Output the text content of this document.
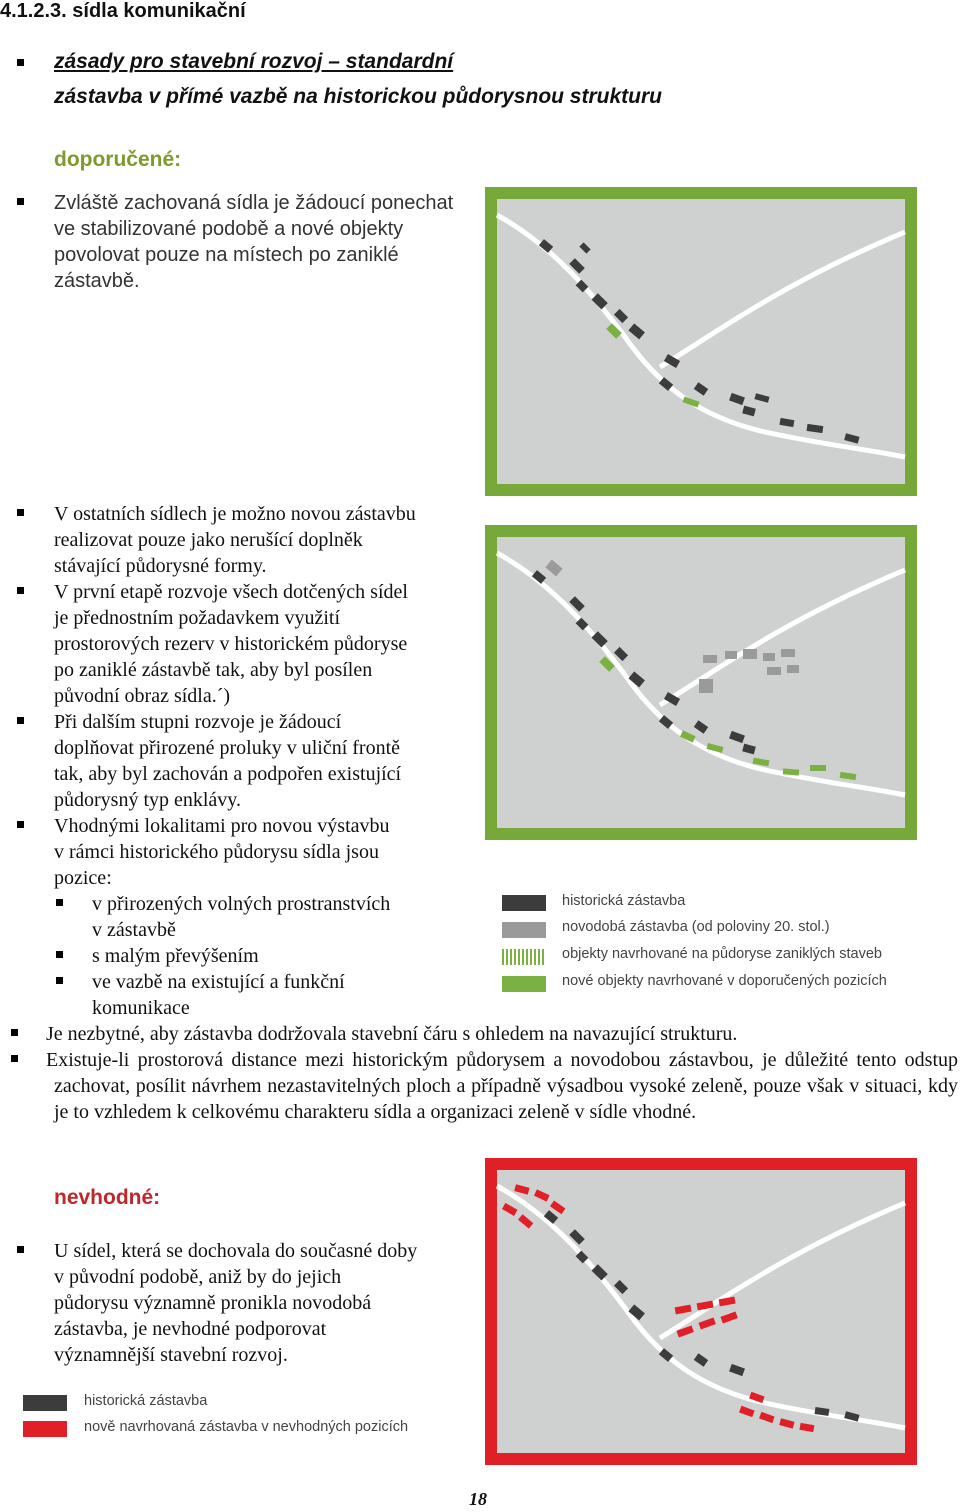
4.1.2.3. sídla komunikační
zásady pro stavební rozvoj – standardní
zástavba v přímé vazbě na historickou půdorysnou strukturu
doporučené:
Zvláště zachovaná sídla je žádoucí ponechat
ve stabilizované podobě a nové objekty
povolovat pouze na místech po zaniklé
zástavbě.
V ostatních sídlech je možno novou zástavbu
realizovat pouze jako nerušící doplněk
stávající půdorysné formy.
V první etapě rozvoje všech dotčených sídel
je přednostním požadavkem využití
prostorových rezerv v historickém půdoryse
po zaniklé zástavbě tak, aby byl posílen
původní obraz sídla.´)
Při dalším stupni rozvoje je žádoucí
doplňovat přirozené proluky v uliční frontě
tak, aby byl zachován a podpořen existující
půdorysný typ enklávy.
Vhodnými lokalitami pro novou výstavbu
v rámci historického půdorysu sídla jsou
pozice:
v přirozených volných prostranstvích
v zástavbě
s malým převýšením
ve vazbě na existující a funkční
komunikace
Je nezbytné, aby zástavba dodržovala stavební čáru s ohledem na navazující strukturu.
Existuje-li prostorová distance mezi historickým půdorysem a novodobou zástavbou, je důležité tento odstup zachovat, posílit návrhem nezastavitelných ploch a případně výsadbou vysoké zeleně, pouze však v situaci, kdy je to vzhledem k celkovému charakteru sídla a organizaci zeleně v sídle vhodné.
historická zástavba
novodobá zástavba (od poloviny 20. stol.)
objekty navrhované na půdoryse zaniklých staveb
nové objekty navrhované v doporučených pozicích
nevhodné:
U sídel, která se dochovala do současné doby
v původní podobě, aniž by do jejich
půdorysu významně pronikla novodobá
zástavba, je nevhodné podporovat
významnější stavební rozvoj.
historická zástavba
nově navrhovaná zástavba v nevhodných pozicích
18
